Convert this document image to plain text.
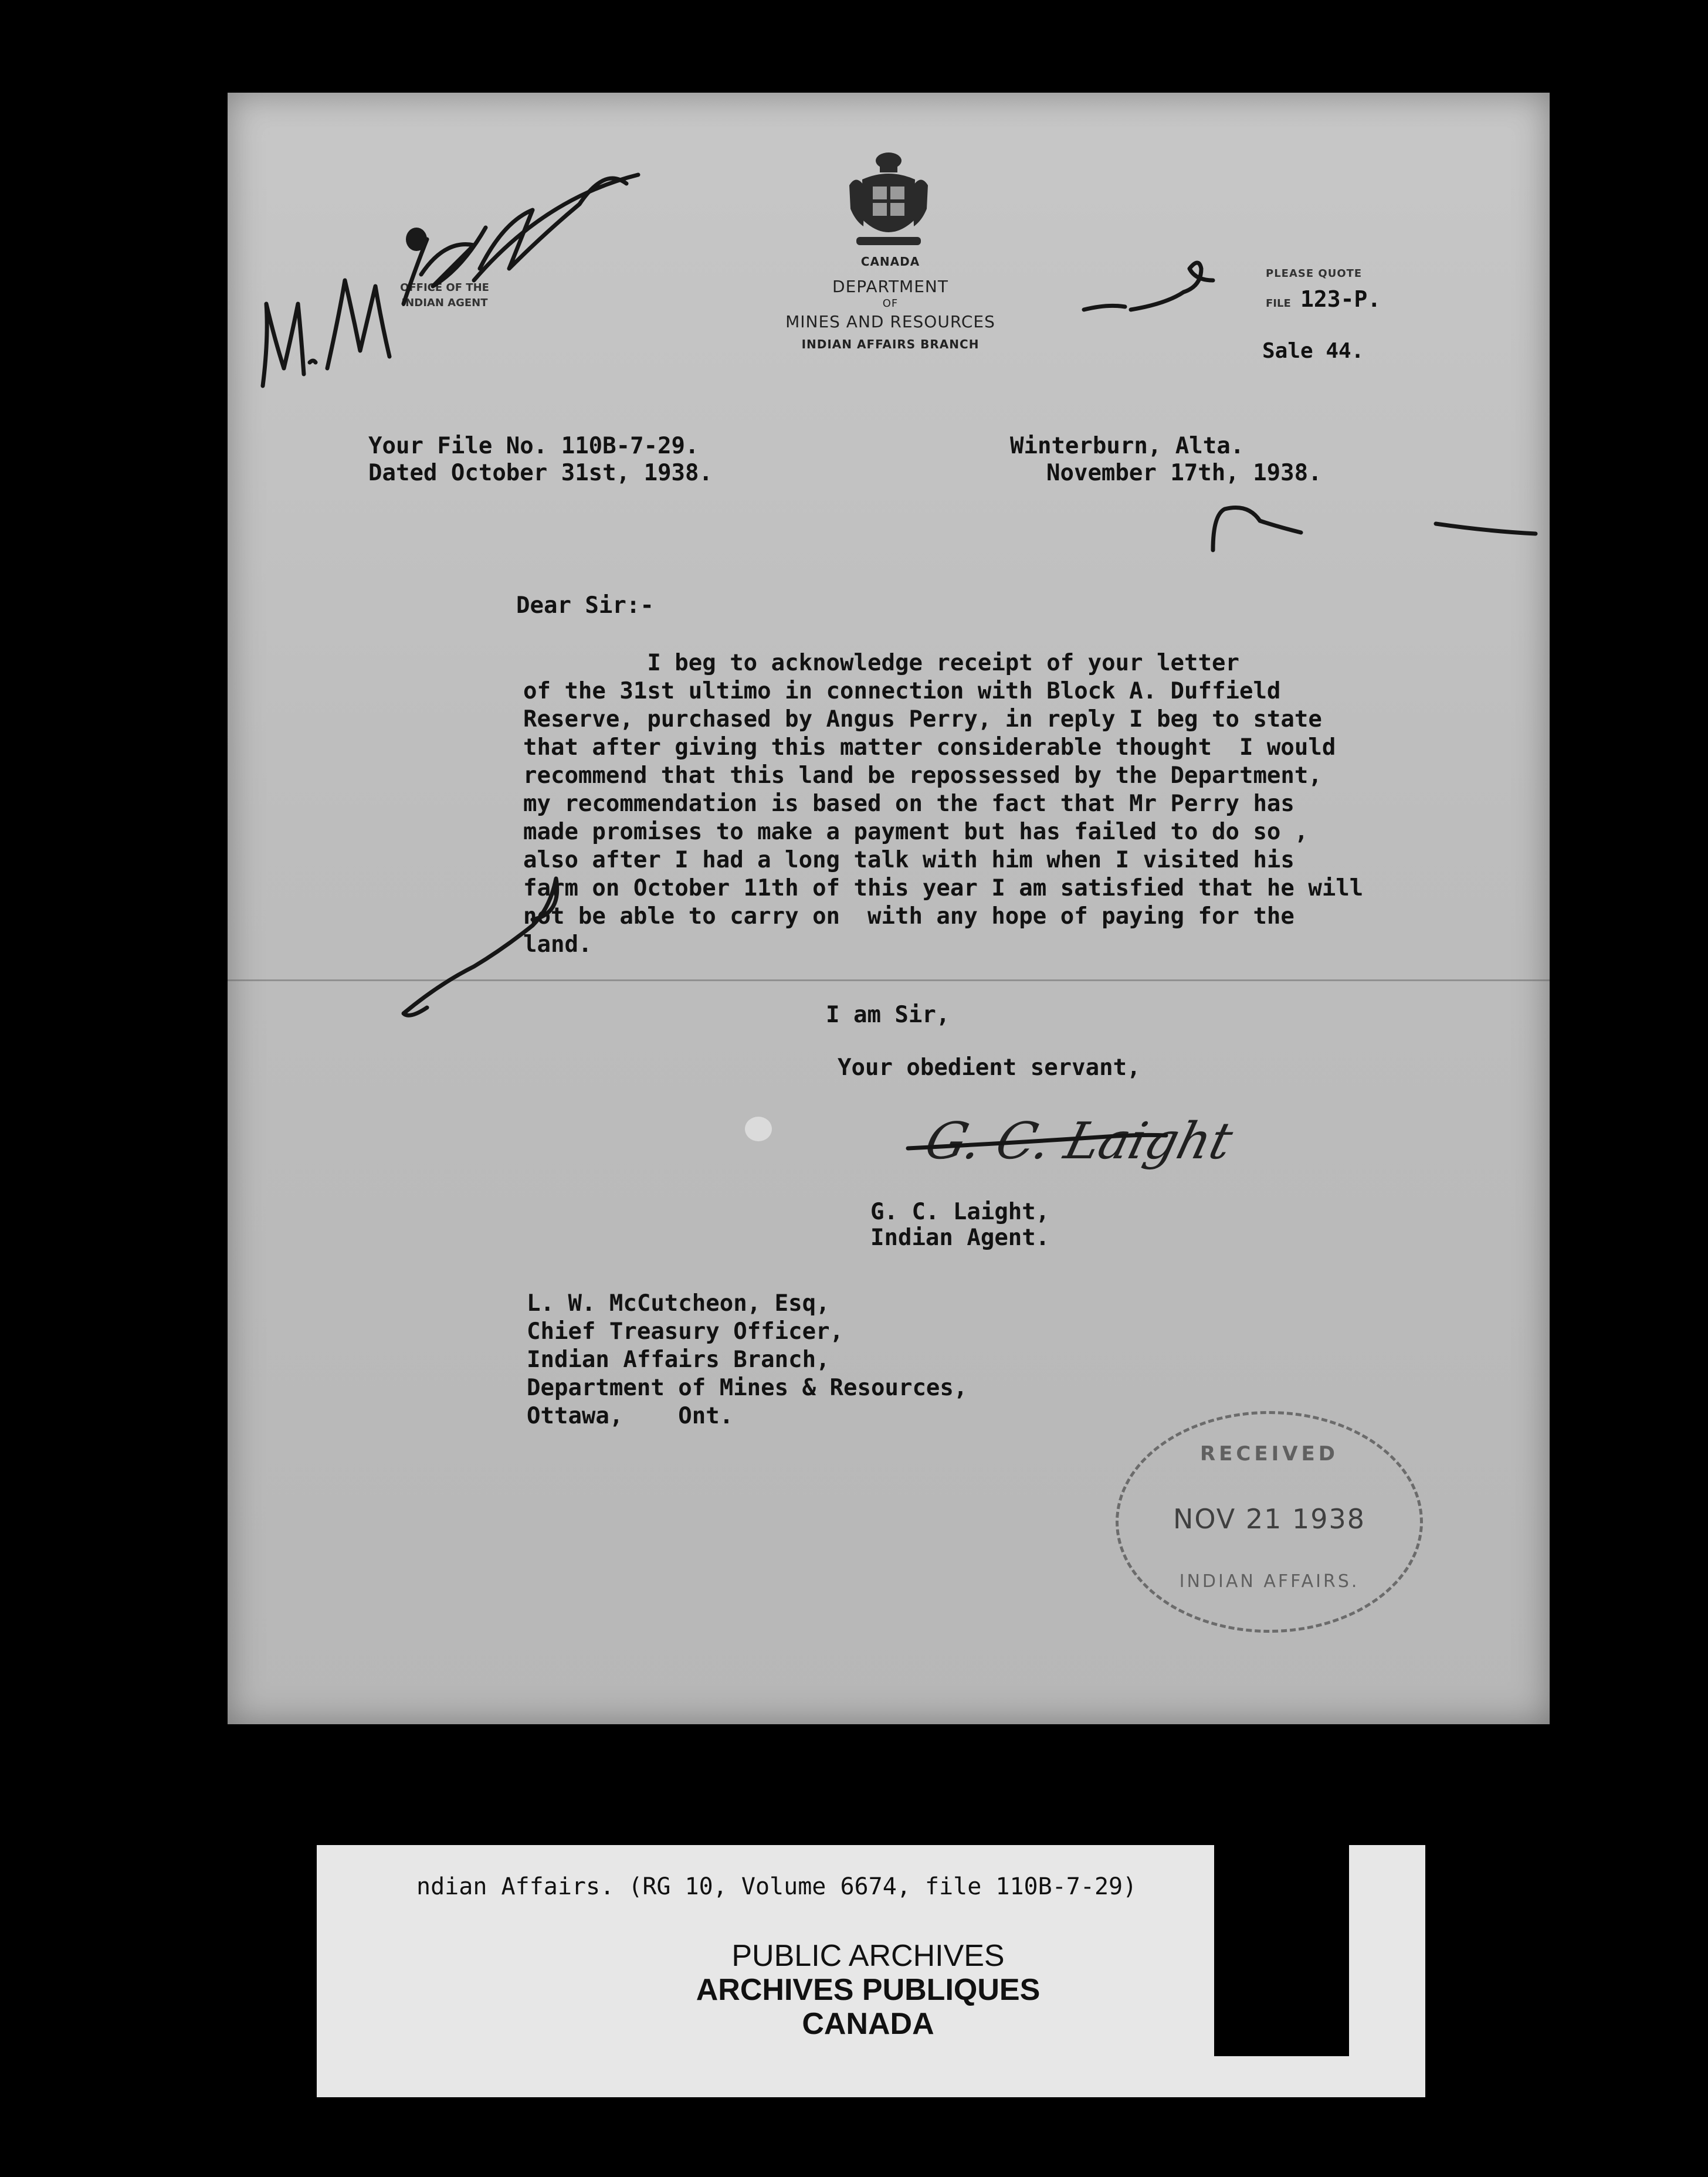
CANADA
DEPARTMENT
OF
MINES AND RESOURCES
INDIAN AFFAIRS BRANCH
OFFICE OF THE
INDIAN AGENT
PLEASE QUOTE
FILE 123-P.
Sale 44.
Your File No. 110B-7-29.
Dated October 31st, 1938.
Winterburn, Alta.
November 17th, 1938.
Dear Sir:-
I beg to acknowledge receipt of your letter
of the 31st ultimo in connection with Block A. Duffield
Reserve, purchased by Angus Perry, in reply I beg to state
that after giving this matter considerable thought  I would
recommend that this land be repossessed by the Department,
my recommendation is based on the fact that Mr Perry has
made promises to make a payment but has failed to do so ,
also after I had a long talk with him when I visited his
farm on October 11th of this year I am satisfied that he will
not be able to carry on  with any hope of paying for the
land.
I am Sir,
Your obedient servant,
G. C. Laight
G. C. Laight,
Indian Agent.
L. W. McCutcheon, Esq,
Chief Treasury Officer,
Indian Affairs Branch,
Department of Mines & Resources,
Ottawa,    Ont.
RECEIVED
NOV 21 1938
INDIAN AFFAIRS.
ndian Affairs. (RG 10, Volume 6674, file 110B-7-29)
PUBLIC ARCHIVES
ARCHIVES PUBLIQUES
CANADA
